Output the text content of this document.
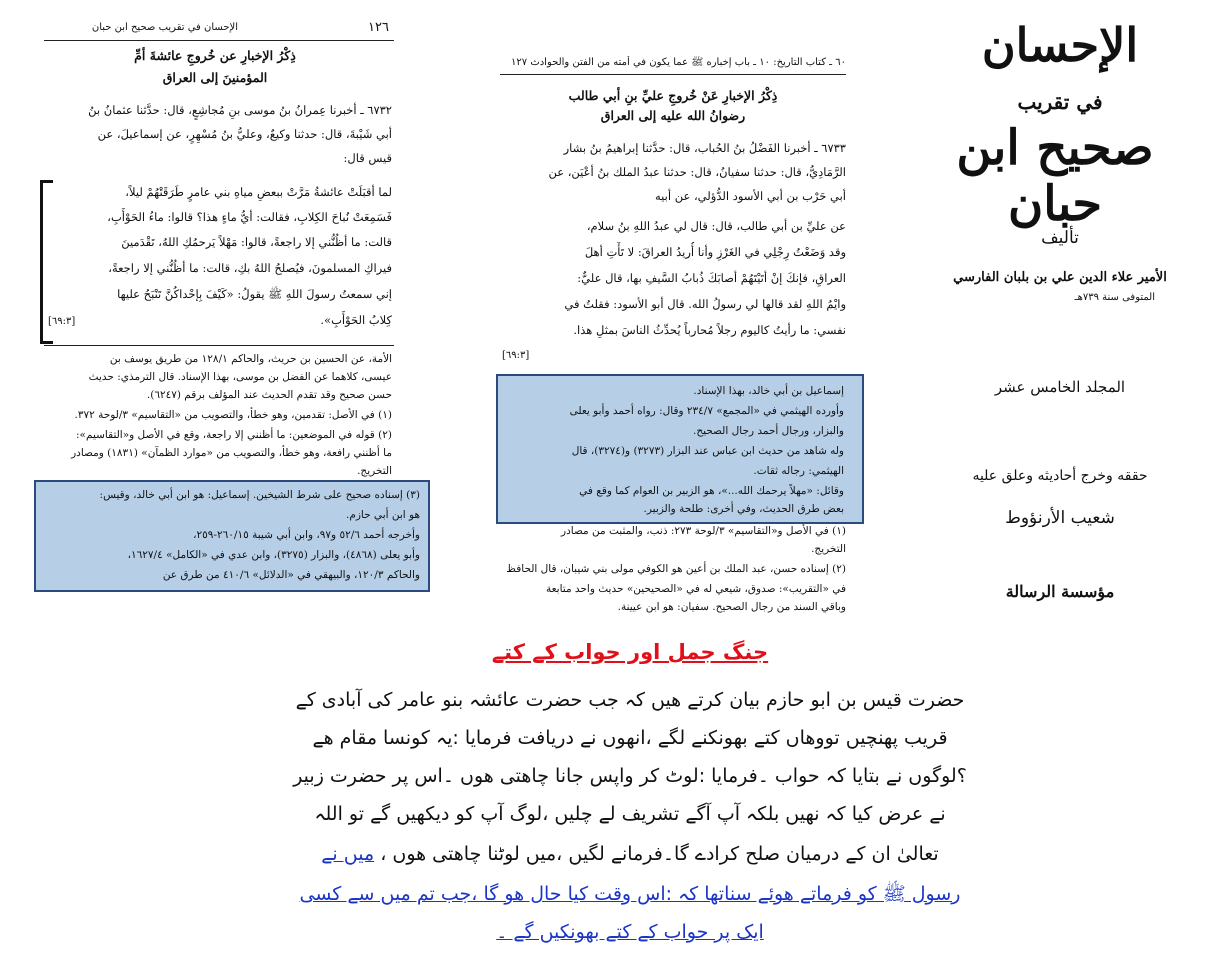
الإحسان في تقريب صحيح ابن حبان	١٢٦
ذِكْرُ الإخبارِ عن خُروجِ عائشةَ أمِّ
المؤمنينَ إلى العراق
٦٧٣٢ ـ أخبرنا عِمرانُ بنُ موسى بنِ مُجاشِعٍ، قال: حدَّثنا عثمانُ بنُ
أبي شَيْبةَ، قال: حدثنا وكيعٌ، وعليُّ بنُ مُسْهِرٍ، عن إسماعيلَ، عن
قيس قال:
لما أقبَلَتْ عائشةُ مَرَّتْ ببعضِ مياهِ بني عامرٍ طَرَقَتْهُمْ ليلاً،
فَسَمِعَتْ نُباحَ الكِلابِ، فقالت: أيُّ ماءٍ هذا؟ قالوا: ماءُ الحَوْأَبِ،
قالت: ما أظُنُّني إلا راجعةً، قالوا: مَهْلاً يَرحمُكِ اللهُ، تَقْدَمينَ
فيراكِ المسلمونَ، فيُصلحُ اللهُ بكِ، قالت: ما أظُنُّني إلا راجعةً،
إني سمعتُ رسولَ اللهِ ﷺ يقولُ: «كَيْفَ بِإحْداكُنَّ تَنْبَحُ عليها
كِلابُ الحَوْأَبِ».
[٦٩:٣]
الأمة، عن الحسين بن حريث، والحاكم ١٢٨/١ من طريق يوسف بن
عيسى، كلاهما عن الفضل بن موسى، بهذا الإسناد. قال الترمذي: حديث
حسن صحيح وقد تقدم الحديث عند المؤلف برقم (٦٢٤٧).
(١) في الأصل: تقدمين، وهو خطأ، والتصويب من «التقاسيم» ٣/لوحة ٣٧٢.
(٢) قوله في الموضعين: ما أظنني إلا راجعة، وقع في الأصل و«التقاسيم»:
ما أظنني رافعة، وهو خطأ، والتصويب من «موارد الظمآن» (١٨٣١) ومصادر
التخريج.
(٣) إسناده صحيح على شرط الشيخين. إسماعيل: هو ابن أبي خالد، وقيس:
هو ابن أبي حازم.
وأخرجه أحمد ٥٢/٦ و٩٧، وابن أبي شيبة ٢٦٠/١٥-٢٥٩،
وأبو يعلى (٤٨٦٨)، والبزار (٣٢٧٥)، وابن عدي في «الكامل» ١٦٢٧/٤،
والحاكم ١٢٠/٣، والبيهقي في «الدلائل» ٤١٠/٦ من طرق عن
٦٠ ـ كتاب التاريخ: ١٠ ـ باب إخباره ﷺ عما يكون في أمته من الفتن والحوادث ١٢٧
ذِكْرُ الإخبارِ عَنْ خُروجِ عليِّ بنِ أبي طالب
رضوانُ الله عليه إلى العراق
٦٧٣٣ ـ أخبرنا الفَضْلُ بنُ الحُباب، قال: حدَّثنا إبراهيمُ بنُ بشار
الرَّمَادِيُّ، قال: حدثنا سفيانُ، قال: حدثنا عبدُ الملك بنُ أعْيَن، عن
أبي حَرْب بن أبي الأسود الدُّؤلي، عن أبيه
عن عليِّ بن أبي طالب، قال: قال لي عبدُ اللهِ بنُ سلام،
وقد وَضَعْتُ رِجْلِي في الغَرْزِ وأنا أُريدُ العراقَ: لا تَأْتِ أهلَ
العراقِ، فإنكَ إنْ أتَيْتَهُمْ أصابَكَ ذُبابُ السَّيفِ بها، قال عليٌّ:
وايْمُ اللهِ لقد قالها لي رسولُ الله. قال أبو الأسود: فقلتُ في
نفسي: ما رأيتُ كاليوم رجلاً مُحارباً يُحدِّثُ الناسَ بمثلِ هذا.
[٦٩:٣]
إسماعيل بن أبي خالد، بهذا الإسناد.
وأورده الهيثمي في «المجمع» ٢٣٤/٧ وقال: رواه أحمد وأبو يعلى
والبزار، ورجال أحمد رجال الصحيح.
وله شاهد من حديث ابن عباس عند البزار (٣٢٧٣) و(٣٢٧٤)، قال
الهيثمي: رجاله ثقات.
وقائل: «مهلاً يرحمك الله...»، هو الزبير بن العوام كما وقع في
بعض طرق الحديث، وفي أخرى: طلحة والزبير.
(١) في الأصل و«التقاسيم» ٣/لوحة ٢٧٣: ذنب، والمثبت من مصادر
التخريج.
(٢) إسناده حسن، عبد الملك بن أعين هو الكوفي مولى بني شيبان، قال الحافظ
في «التقريب»: صدوق، شيعي له في «الصحيحين» حديث واحد متابعة
وباقي السند من رجال الصحيح. سفيان: هو ابن عيينة.
الإحسان
في تقريب
صحيح ابن حبان
تأليف
الأمير علاء الدين علي بن بلبان الفارسي
المتوفى سنة ٧٣٩هـ
المجلد الخامس عشر
حققه وخرج أحاديثه وعلق عليه
شعيب الأرنؤوط
مؤسسة الرسالة
جنگ جمل اور حواب کے کتے
حضرت قیس بن ابو حازم بیان کرتے ھیں کہ جب حضرت عائشہ بنو عامر کی آبادی کے
قریب پھنچیں تووھاں کتے بھونکنے لگے ،انھوں نے دریافت فرمایا :یہ کونسا مقام ھے
؟لوگوں نے بتایا کہ حواب ۔فرمایا :لوٹ کر واپس جانا چاھتی ھوں ۔اس پر حضرت زبیر
نے عرض کیا کہ نھیں بلکہ آپ آگے تشریف لے چلیں ،لوگ آپ کو دیکھیں گے تو اللہ
تعالیٰ ان کے درمیان صلح کرادے گا۔فرمانے لگیں ،میں لوٹنا چاھتی ھوں ، میں نے
رسول ﷺ کو فرماتے ھوئے سناتھا کہ :اس وقت کیا حال ھو گا ،جب تم میں سے کسی
ایک پر حواب کے کتے بھونکیں گے ۔
